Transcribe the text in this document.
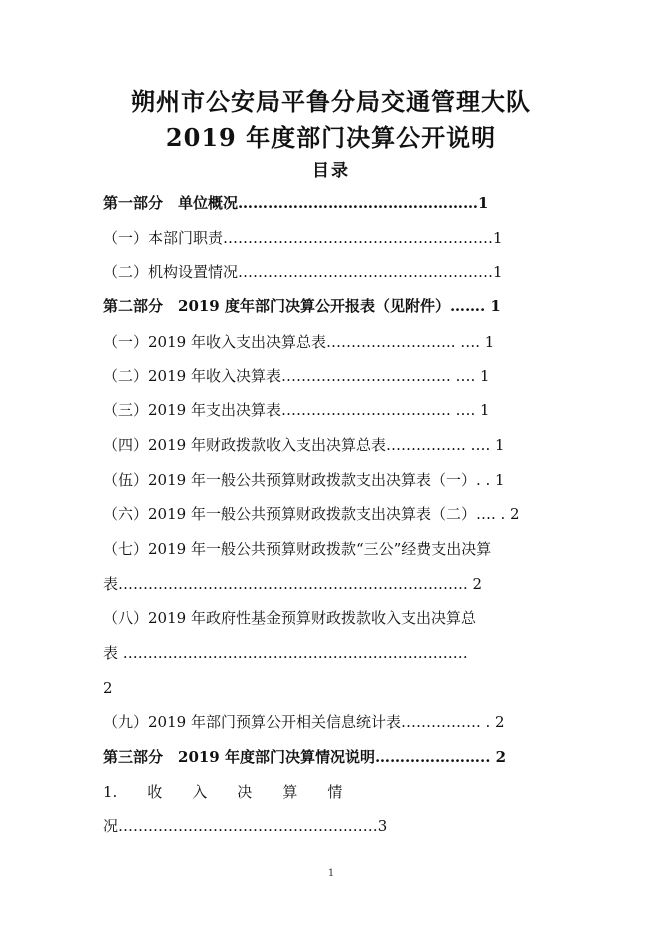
朔州市公安局平鲁分局交通管理大队
2019 年度部门决算公开说明
目录
第一部分　单位概况…………………………………………1
（一）本部门职责………………………………………………1
（二）机构设置情况……………………………………………1
第二部分　2019 度年部门决算公开报表（见附件）……. 1
（一）2019 年收入支出决算总表…………………….. …. 1
（二）2019 年收入决算表……………………………. …. 1
（三）2019 年支出决算表……………………………. …. 1
（四）2019 年财政拨款收入支出决算总表……………. …. 1
（伍）2019 年一般公共预算财政拨款支出决算表（一）. . 1
（六）2019 年一般公共预算财政拨款支出决算表（二）…. . 2
（七）2019 年一般公共预算财政拨款“三公”经费支出决算
表……………………………………………………………. 2
（八）2019 年政府性基金预算财政拨款收入支出决算总
表 ……………………………………………………………
2
（九）2019 年部门预算公开相关信息统计表……………. . 2
第三部分　2019 年度部门决算情况说明………………….. 2
1.　　收　　入　　决　　算　　情
况……………………………………….……3
1
